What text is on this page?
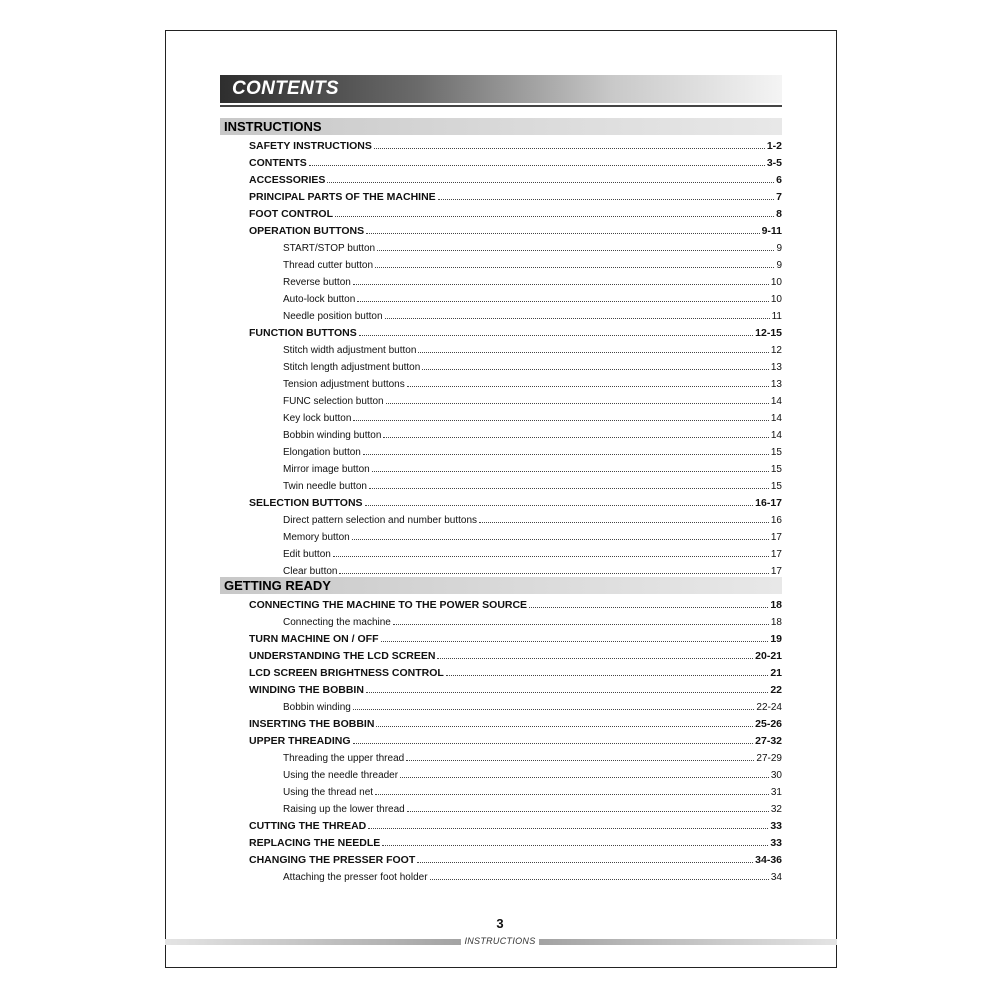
CONTENTS
INSTRUCTIONS
SAFETY INSTRUCTIONS	1-2
CONTENTS	3-5
ACCESSORIES	6
PRINCIPAL PARTS OF THE MACHINE	7
FOOT CONTROL	8
OPERATION BUTTONS	9-11
START/STOP button	9
Thread cutter button	9
Reverse button	10
Auto-lock button	10
Needle position button	11
FUNCTION BUTTONS	12-15
Stitch width adjustment button	12
Stitch length adjustment button	13
Tension adjustment buttons	13
FUNC selection button	14
Key lock button	14
Bobbin winding button	14
Elongation button	15
Mirror image button	15
Twin needle button	15
SELECTION BUTTONS	16-17
Direct pattern selection and number buttons	16
Memory button	17
Edit button	17
Clear button	17
GETTING READY
CONNECTING THE MACHINE TO THE POWER SOURCE	18
Connecting the machine	18
TURN MACHINE ON / OFF	19
UNDERSTANDING THE LCD SCREEN	20-21
LCD SCREEN BRIGHTNESS CONTROL	21
WINDING THE BOBBIN	22
Bobbin winding	22-24
INSERTING THE BOBBIN	25-26
UPPER THREADING	27-32
Threading the upper thread	27-29
Using the needle threader	30
Using the thread net	31
Raising up the lower thread	32
CUTTING THE THREAD	33
REPLACING THE NEEDLE	33
CHANGING THE PRESSER FOOT	34-36
Attaching the presser foot holder	34
3
INSTRUCTIONS
